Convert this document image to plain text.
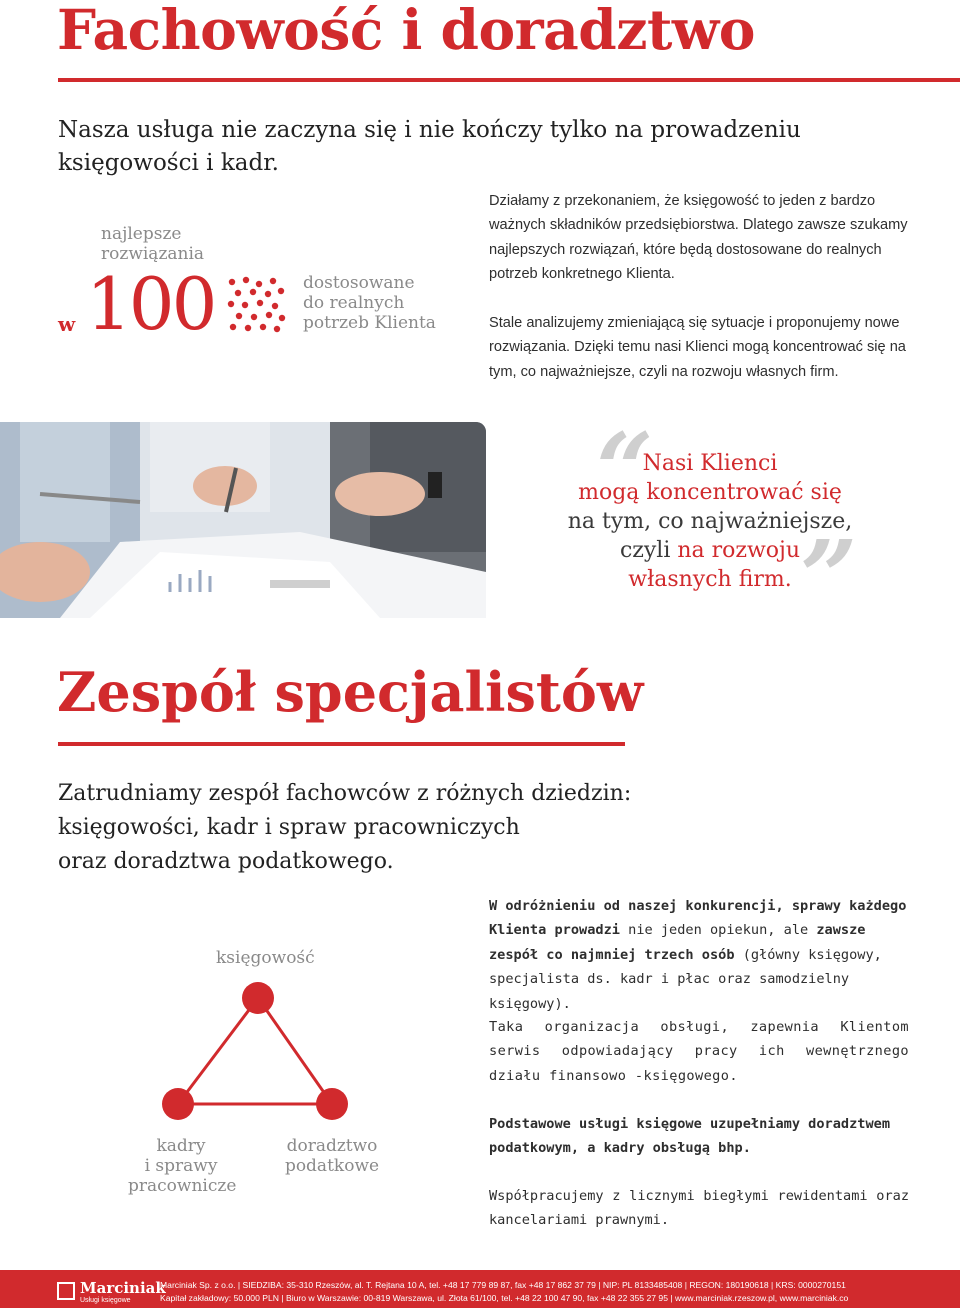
Fachowość i doradztwo
Nasza usługa nie zaczyna się i nie kończy tylko na prowadzeniu
księgowości i kadr.
najlepsze
rozwiązania
w 100	dostosowane
do realnych
potrzeb Klienta
Działamy z przekonaniem, że księgowość to jeden z bardzo ważnych składników przedsiębiorstwa. Dlatego zawsze szukamy najlepszych rozwiązań, które będą dostosowane do realnych potrzeb konkretnego Klienta.
Stale analizujemy zmieniającą się sytuacje i proponujemy nowe rozwiązania. Dzięki temu nasi Klienci mogą koncentrować się na tym, co najważniejsze, czyli na rozwoju własnych firm.
“
Nasi Klienci
mogą koncentrować się
na tym, co najważniejsze,
czyli na rozwoju
własnych firm. ”
Zespół specjalistów
Zatrudniamy zespół fachowców z różnych dziedzin:
księgowości, kadr i spraw pracowniczych
oraz doradztwa podatkowego.
księgowość
kadry
i sprawy
pracownicze
doradztwo
podatkowe
W odróżnieniu od naszej konkurencji, sprawy każdego Klienta prowadzi nie jeden opiekun, ale zawsze zespół co najmniej trzech osób (główny księgowy, specjalista ds. kadr i płac oraz samodzielny księgowy).
Taka organizacja obsługi, zapewnia Klientom serwis odpowiadający pracy ich wewnętrznego działu finansowo -księgowego.
Podstawowe usługi księgowe uzupełniamy doradztwem podatkowym, a kadry obsługą bhp.
Współpracujemy z licznymi biegłymi rewidentami oraz kancelariami prawnymi.
Marciniak
Usługi księgowe
Marciniak Sp. z o.o. | SIEDZIBA: 35-310 Rzeszów, al. T. Rejtana 10 A, tel. +48 17 779 89 87, fax +48 17 862 37 79 | NIP: PL 8133485408 | REGON: 180190618 | KRS: 0000270151
Kapitał zakładowy: 50.000 PLN | Biuro w Warszawie: 00-819 Warszawa, ul. Złota 61/100, tel. +48 22 100 47 90, fax +48 22 355 27 95 | www.marciniak.rzeszow.pl, www.marciniak.co
